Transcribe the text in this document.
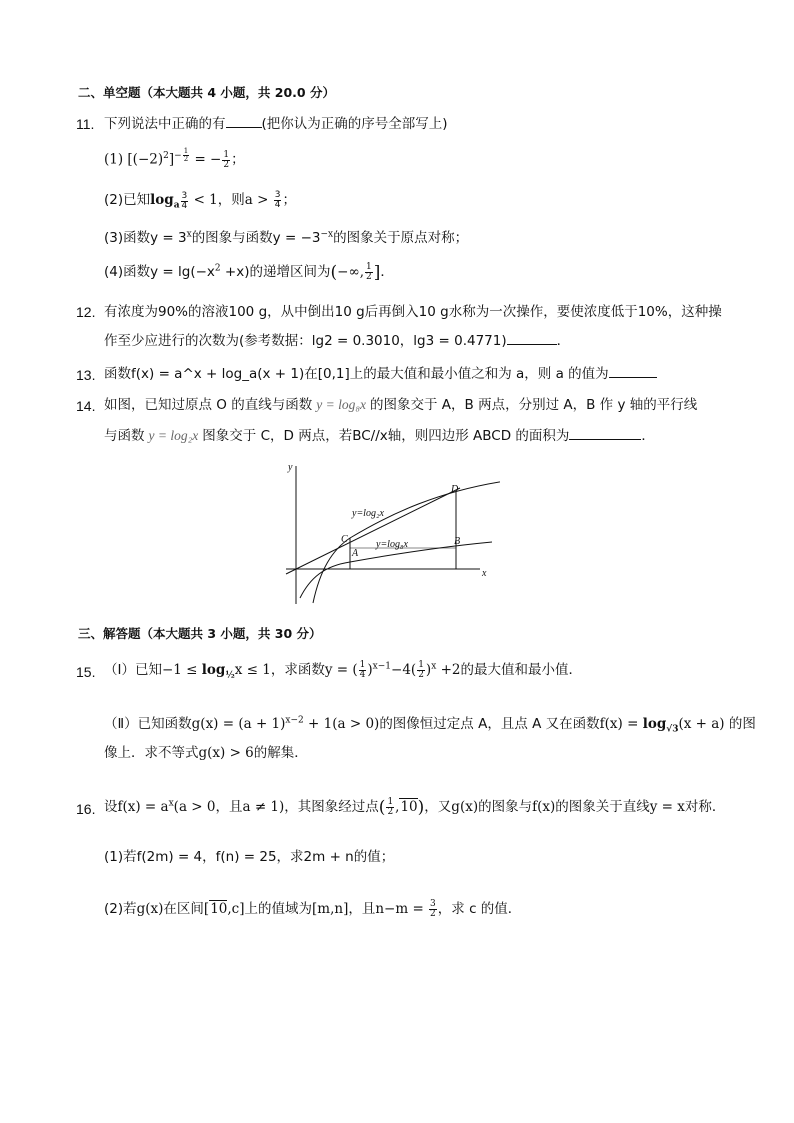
二、单空题（本大题共 4 小题，共 20.0 分）
11. 下列说法中正确的有	(把你认为正确的序号全部写上)
(1) $[(-2)^2]^{- \frac{1}{2}}$ = − $\frac{1}{2}$ ；
(2)已知$\log_a \frac{3}{4} < 1$，则$a > \frac{3}{4}$ ；
(3)函数$y = 3^x$的图象与函数$y = -3^{-x}$的图象关于原点对称；
(4)函数$y = \lg(-x^2 +x)$的递增区间为(−∞, $\frac{1}{2}$ ]．
12. 有浓度为90%的溶液100 g，从中倒出10 g后再倒入10 g水称为一次操作，要使浓度低于10%，这种操
作至少应进行的次数为(参考数据：lg2 = 0.3010，lg3 = 0.4771)	．
13. 函数f(x) = a^x + log_a(x + 1)在[0,1]上的最大值和最小值之和为 a，则 a 的值为
14. 如图，已知过原点 O 的直线与函数 y = log₈x 的图象交于 A，B 两点，分别过 A，B 作 y 轴的平行线
与函数 y = log₂x 图象交于 C，D 两点，若BC//x轴，则四边形 ABCD 的面积为	．
y
x
D
C
A
B
y=log₂x
y=log₈x
三、解答题（本大题共 3 小题，共 30 分）
15. （Ⅰ）已知$-1 \le \log_{\frac{1}{2}}x \le 1$，求函数y = ( $\frac{1}{4} )^{x-1}-4( \frac{1}{2} )^x +2$的最大值和最小值．
（Ⅱ）已知函数$g(x) = (a + 1)^{x-2} + 1(a > 0)$的图像恒过定点 A，且点 A 又在函数$f(x) = \log_{√3}(x + a)$ 的图
像上．求不等式g(x) > 6的解集．
16. 设$f(x) = a^x(a > 0$，且a ≠ 1)，其图象经过点( $\frac{1}{2} ,10$)，又g(x)的图象与f(x)的图象关于直线y = x对称．
(1)若f(2m) = 4，f(n) = 25，求2m + n的值；
(2)若g(x)在区间[10,c]上的值域为[m,n]，且$n-m = \frac{3}{2}$ ，求 c 的值．
